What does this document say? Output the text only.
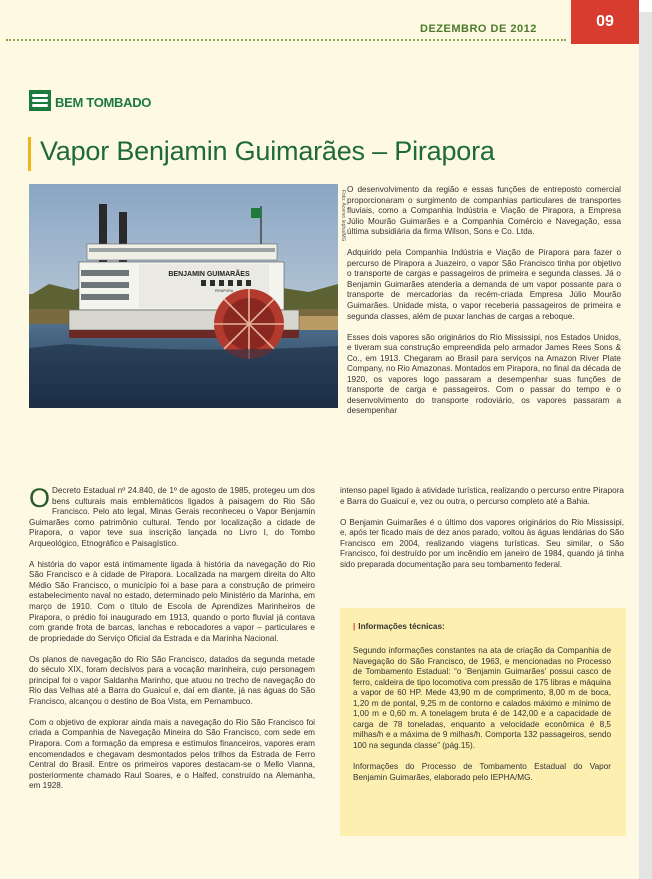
DEZEMBRO DE 2012	09
BEM TOMBADO
Vapor Benjamin Guimarães – Pirapora
BENJAMIN GUIMARÃES
PIRAPORA
Foto: Acervo Iepha/MG

O desenvolvimento da região e essas funções de entreposto comercial proporcionaram o surgimento de companhias particulares de transportes fluviais, como a Companhia Indústria e Viação de Pirapora, a Empresa Júlio Mourão Guimarães e a Companhia Comércio e Navegação, essa última subsidiária da firma Wilson, Sons e Co. Ltda.

Adquirido pela Companhia Indústria e Viação de Pirapora para fazer o percurso de Pirapora a Juazeiro, o vapor São Francisco tinha por objetivo o transporte de cargas e passageiros de primeira e segunda classes. Já o Benjamin Guimarães atenderia a demanda de um vapor possante para o transporte de mercadorias da recém-criada Empresa Júlio Mourão Guimarães. Unidade mista, o vapor receberia passageiros de primeira e segunda classes, além de puxar lanchas de cargas a reboque.

Esses dois vapores são originários do Rio Mississipi, nos Estados Unidos, e tiveram sua construção empreendida pelo armador James Rees Sons & Co., em 1913. Chegaram ao Brasil para serviços na Amazon River Plate Company, no Rio Amazonas. Montados em Pirapora, no final da década de 1920, os vapores logo passaram a desempenhar suas funções de transporte de carga e passageiros. Com o passar do tempo e o desenvolvimento do transporte rodoviário, os vapores passaram a desempenhar

intenso papel ligado à atividade turística, realizando o percurso entre Pirapora e Barra do Guaicuí e, vez ou outra, o percurso completo até a Bahia.

O Benjamin Guimarães é o último dos vapores originários do Rio Mississipi, e, após ter ficado mais de dez anos parado, voltou às águas lendárias do São Francisco em 2004, realizando viagens turísticas. Seu similar, o São Francisco, foi destruído por um incêndio em janeiro de 1984, quando já tinha sido preparada documentação para seu tombamento federal.

O Decreto Estadual nº 24.840, de 1º de agosto de 1985, protegeu um dos bens culturais mais emblemáticos ligados à paisagem do Rio São Francisco. Pelo ato legal, Minas Gerais reconheceu o Vapor Benjamin Guimarães como patrimônio cultural. Tendo por localização a cidade de Pirapora, o vapor teve sua inscrição lançada no Livro I, do Tombo Arqueológico, Etnográfico e Paisagístico.

A história do vapor está intimamente ligada à história da navegação do Rio São Francisco e à cidade de Pirapora. Localizada na margem direita do Alto Médio São Francisco, o município foi a base para a construção de primeiro estabelecimento naval no estado, determinado pelo Ministério da Marinha, em março de 1910. Com o título de Escola de Aprendizes Marinheiros de Pirapora, o prédio foi inaugurado em 1913, quando o porto fluvial já contava com grande frota de barcas, lanchas e rebocadores a vapor – particulares e de propriedade do Serviço Oficial da Estrada e da Marinha Nacional.

Os planos de navegação do Rio São Francisco, datados da segunda metade do século XIX, foram decisivos para a vocação marinheira, cujo personagem principal foi o vapor Saldanha Marinho, que atuou no trecho de navegação do Rio das Velhas até a Barra do Guaicuí e, daí em diante, já nas águas do São Francisco, alcançou o destino de Boa Vista, em Pernambuco.

Com o objetivo de explorar ainda mais a navegação do Rio São Francisco foi criada a Companhia de Navegação Mineira do São Francisco, com sede em Pirapora. Com a formação da empresa e estímulos financeiros, vapores eram encomendados e chegavam desmontados pelos trilhos da Estrada de Ferro Central do Brasil. Entre os primeiros vapores destacam-se o Mello Vianna, posteriormente chamado Raul Soares, e o Halfed, construído na Alemanha, em 1928.

| Informações técnicas:

Segundo informações constantes na ata de criação da Companhia de Navegação do São Francisco, de 1963, e mencionadas no Processo de Tombamento Estadual: “o ‘Benjamin Guimarães’ possui casco de ferro, caldeira de tipo locomotiva com pressão de 175 libras e máquina a vapor de 60 HP. Mede 43,90 m de comprimento, 8,00 m de boca, 1,20 m de pontal, 9,25 m de contorno e calados máximo e mínimo de 1,00 m e 0,60 m. A tonelagem bruta é de 142,00 e a capacidade de carga de 78 toneladas, enquanto a velocidade econômica é 8,5 milhas/h e a máxima de 9 milhas/h. Comporta 132 passageiros, sendo 100 na segunda classe” (pág.15).

Informações do Processo de Tombamento Estadual do Vapor Benjamin Guimarães, elaborado pelo IEPHA/MG.
